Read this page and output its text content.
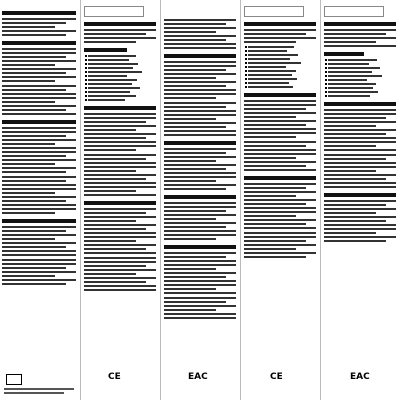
CE	EAC	CE	EAC
